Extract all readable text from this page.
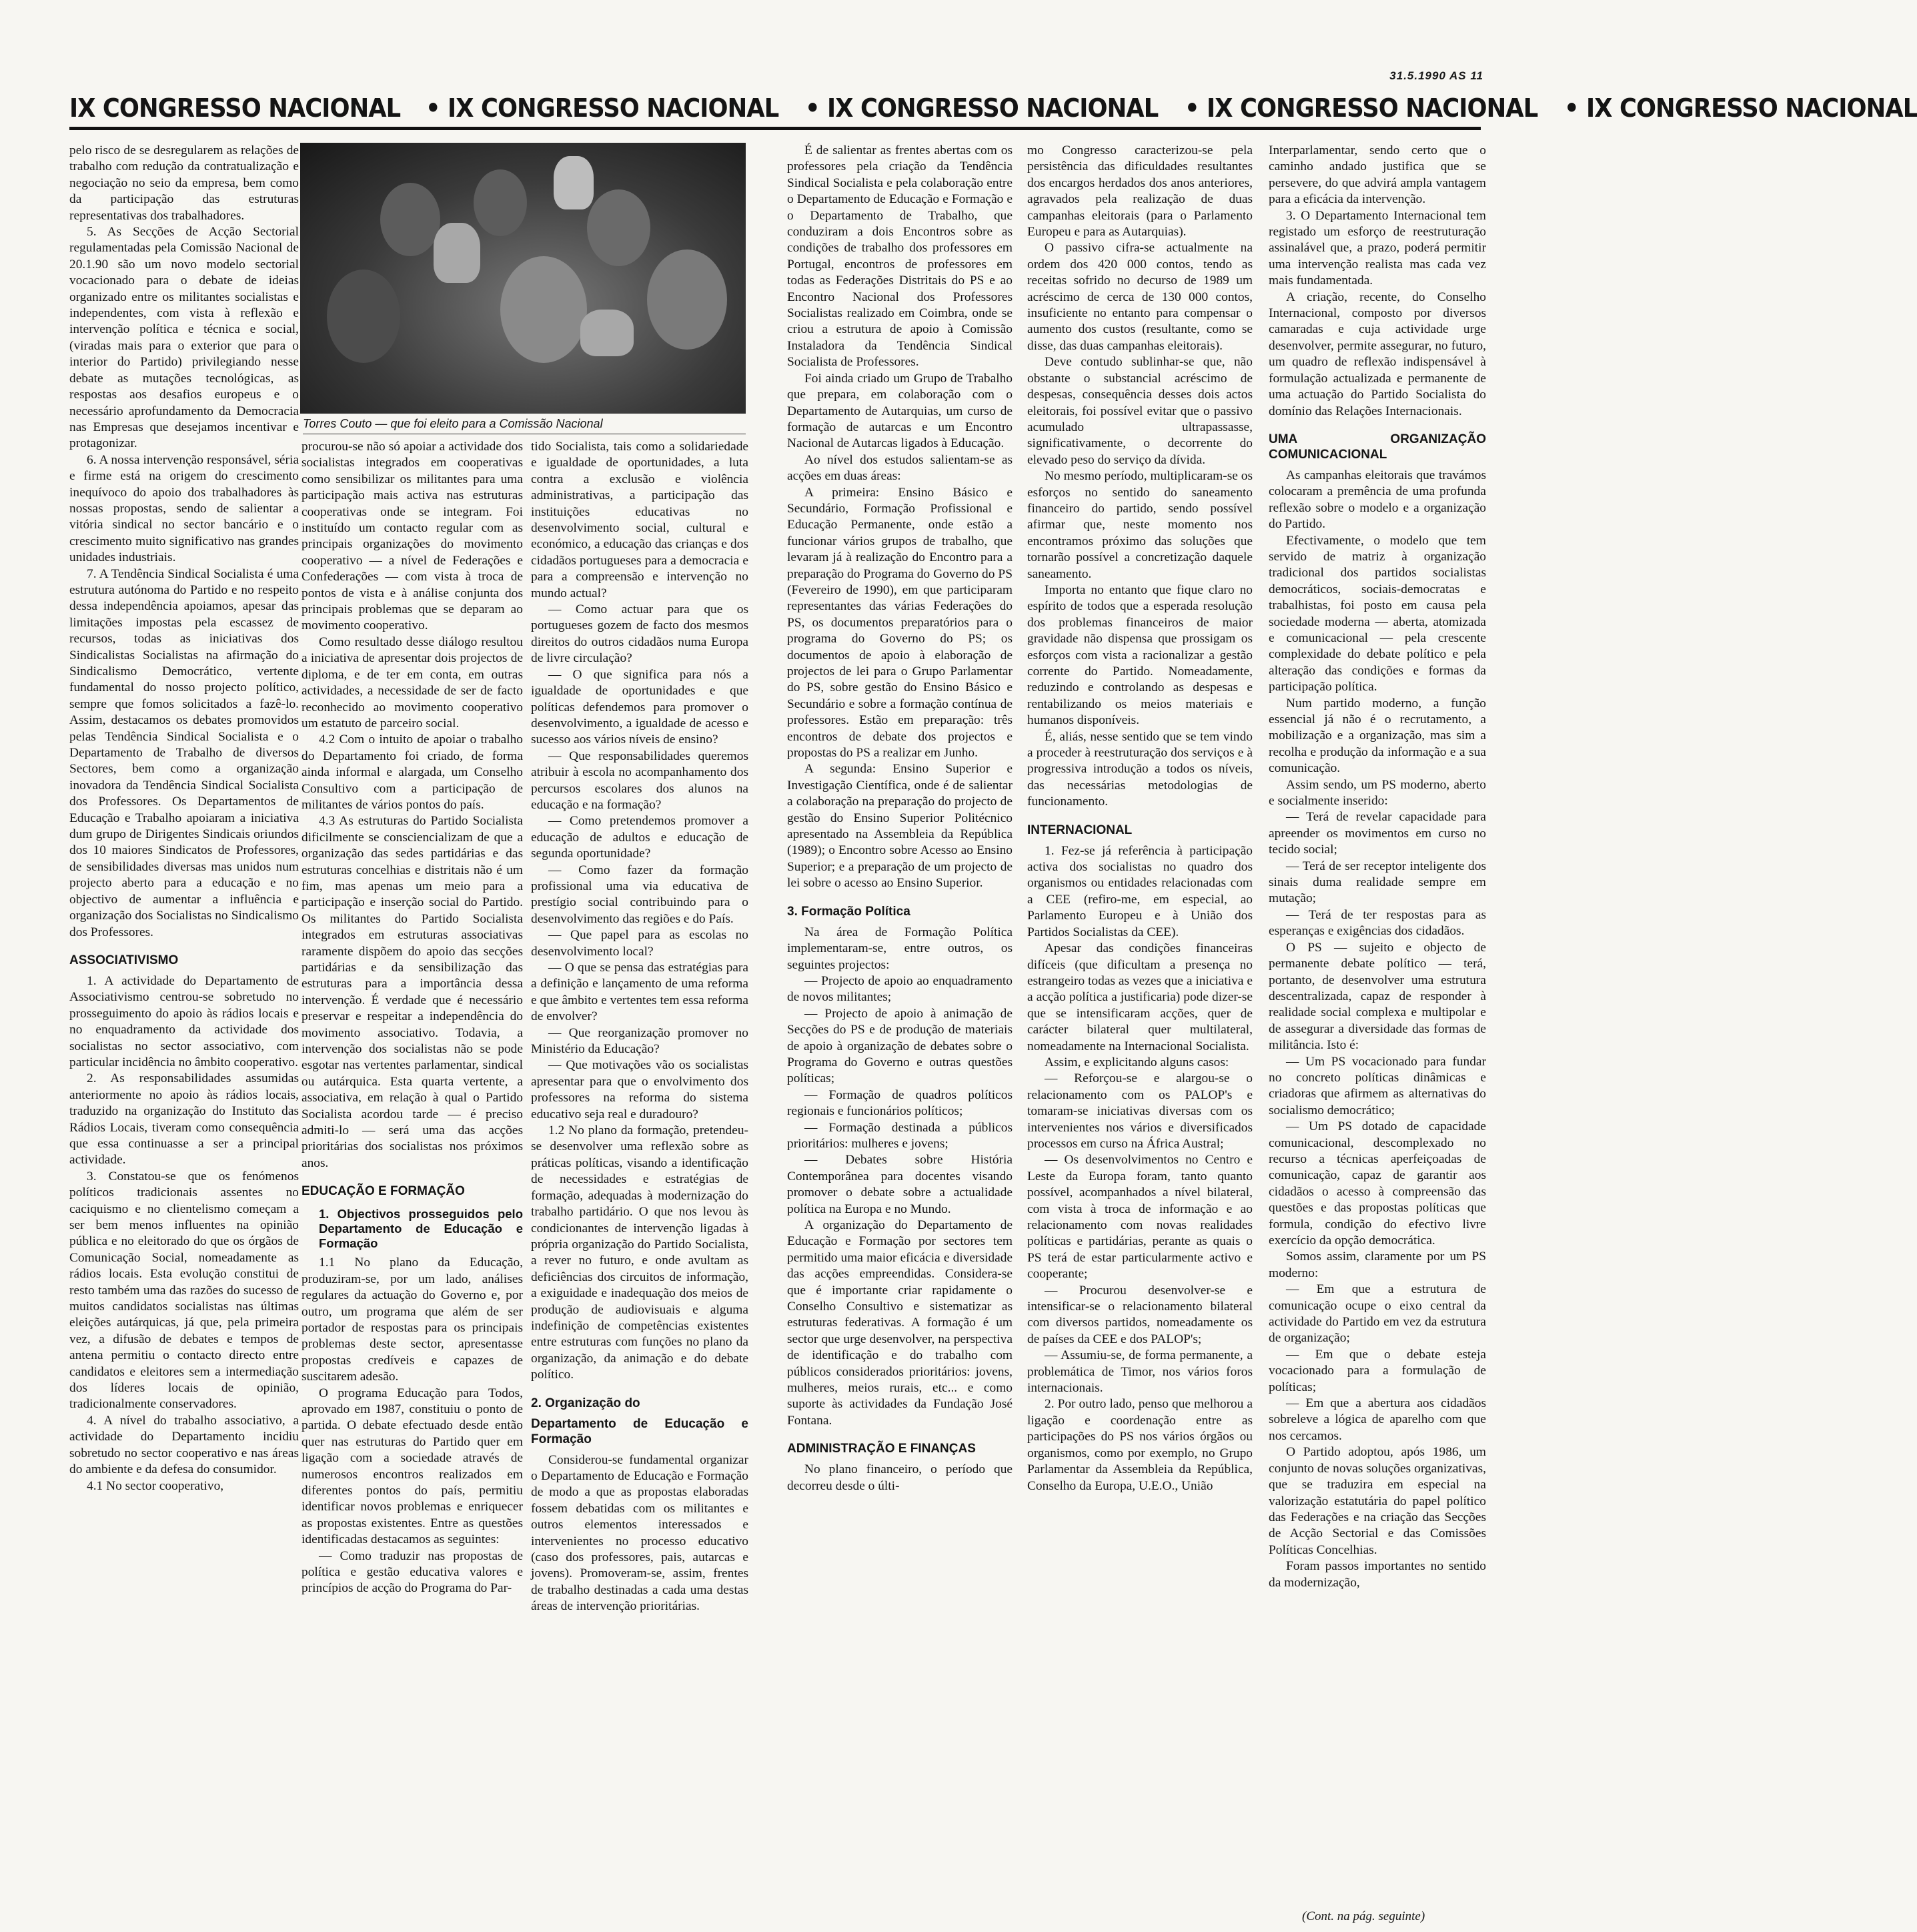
31.5.1990 AS 11
IX CONGRESSO NACIONAL • IX CONGRESSO NACIONAL • IX CONGRESSO NACIONAL • IX CONGRESSO NACIONAL • IX CONGRESSO NACIONAL

pelo risco de se desregularem as relações de trabalho com redução da contratualização e negociação no seio da empresa, bem como da participação das estruturas representativas dos trabalhadores.

5. As Secções de Acção Sectorial regulamentadas pela Comissão Nacional de 20.1.90 são um novo modelo sectorial vocacionado para o debate de ideias organizado entre os militantes socialistas e independentes, com vista à reflexão e intervenção política e técnica e social, (viradas mais para o exterior que para o interior do Partido) privilegiando nesse debate as mutações tecnológicas, as respostas aos desafios europeus e o necessário aprofundamento da Democracia nas Empresas que desejamos incentivar e protagonizar.

6. A nossa intervenção responsável, séria e firme está na origem do crescimento inequívoco do apoio dos trabalhadores às nossas propostas, sendo de salientar a vitória sindical no sector bancário e o crescimento muito significativo nas grandes unidades industriais.

7. A Tendência Sindical Socialista é uma estrutura autónoma do Partido e no respeito dessa independência apoiamos, apesar das limitações impostas pela escassez de recursos, todas as iniciativas dos Sindicalistas Socialistas na afirmação do Sindicalismo Democrático, vertente fundamental do nosso projecto político, sempre que fomos solicitados a fazê-lo. Assim, destacamos os debates promovidos pelas Tendência Sindical Socialista e o Departamento de Trabalho de diversos Sectores, bem como a organização inovadora da Tendência Sindical Socialista dos Professores. Os Departamentos de Educação e Trabalho apoiaram a iniciativa dum grupo de Dirigentes Sindicais oriundos dos 10 maiores Sindicatos de Professores, de sensibilidades diversas mas unidos num projecto aberto para a educação e no objectivo de aumentar a influência e organização dos Socialistas no Sindicalismo dos Professores.

ASSOCIATIVISMO

1. A actividade do Departamento de Associativismo centrou-se sobretudo no prosseguimento do apoio às rádios locais e no enquadramento da actividade dos socialistas no sector associativo, com particular incidência no âmbito cooperativo.

2. As responsabilidades assumidas anteriormente no apoio às rádios locais, traduzido na organização do Instituto das Rádios Locais, tiveram como consequência que essa continuasse a ser a principal actividade.

3. Constatou-se que os fenómenos políticos tradicionais assentes no caciquismo e no clientelismo começam a ser bem menos influentes na opinião pública e no eleitorado do que os órgãos de Comunicação Social, nomeadamente as rádios locais. Esta evolução constitui de resto também uma das razões do sucesso de muitos candidatos socialistas nas últimas eleições autárquicas, já que, pela primeira vez, a difusão de debates e tempos de antena permitiu o contacto directo entre candidatos e eleitores sem a intermediação dos líderes locais de opinião, tradicionalmente conservadores.

4. A nível do trabalho associativo, a actividade do Departamento incidiu sobretudo no sector cooperativo e nas áreas do ambiente e da defesa do consumidor.

4.1 No sector cooperativo,

Torres Couto — que foi eleito para a Comissão Nacional

procurou-se não só apoiar a actividade dos socialistas integrados em cooperativas como sensibilizar os militantes para uma participação mais activa nas estruturas cooperativas onde se integram. Foi instituído um contacto regular com as principais organizações do movimento cooperativo — a nível de Federações e Confederações — com vista à troca de pontos de vista e à análise conjunta dos principais problemas que se deparam ao movimento cooperativo.

Como resultado desse diálogo resultou a iniciativa de apresentar dois projectos de diploma, e de ter em conta, em outras actividades, a necessidade de ser de facto reconhecido ao movimento cooperativo um estatuto de parceiro social.

4.2 Com o intuito de apoiar o trabalho do Departamento foi criado, de forma ainda informal e alargada, um Conselho Consultivo com a participação de militantes de vários pontos do país.

4.3 As estruturas do Partido Socialista dificilmente se consciencializam de que a organização das sedes partidárias e das estruturas concelhias e distritais não é um fim, mas apenas um meio para a participação e inserção social do Partido. Os militantes do Partido Socialista integrados em estruturas associativas raramente dispõem do apoio das secções partidárias e da sensibilização das estruturas para a importância dessa intervenção. É verdade que é necessário preservar e respeitar a independência do movimento associativo. Todavia, a intervenção dos socialistas não se pode esgotar nas vertentes parlamentar, sindical ou autárquica. Esta quarta vertente, a associativa, em relação à qual o Partido Socialista acordou tarde — é preciso admiti-lo — será uma das acções prioritárias dos socialistas nos próximos anos.

EDUCAÇÃO E FORMAÇÃO
1. Objectivos prosseguidos pelo Departamento de Educação e Formação

1.1 No plano da Educação, produziram-se, por um lado, análises regulares da actuação do Governo e, por outro, um programa que além de ser portador de respostas para os principais problemas deste sector, apresentasse propostas credíveis e capazes de suscitarem adesão.

O programa Educação para Todos, aprovado em 1987, constituiu o ponto de partida. O debate efectuado desde então quer nas estruturas do Partido quer em ligação com a sociedade através de numerosos encontros realizados em diferentes pontos do país, permitiu identificar novos problemas e enriquecer as propostas existentes. Entre as questões identificadas destacamos as seguintes:

— Como traduzir nas propostas de política e gestão educativa valores e princípios de acção do Programa do Par-

tido Socialista, tais como a solidariedade e igualdade de oportunidades, a luta contra a exclusão e violência administrativas, a participação das instituições educativas no desenvolvimento social, cultural e económico, a educação das crianças e dos cidadãos portugueses para a democracia e para a compreensão e intervenção no mundo actual?

— Como actuar para que os portugueses gozem de facto dos mesmos direitos do outros cidadãos numa Europa de livre circulação?

— O que significa para nós a igualdade de oportunidades e que políticas defendemos para promover o desenvolvimento, a igualdade de acesso e sucesso aos vários níveis de ensino?

— Que responsabilidades queremos atribuir à escola no acompanhamento dos percursos escolares dos alunos na educação e na formação?

— Como pretendemos promover a educação de adultos e educação de segunda oportunidade?

— Como fazer da formação profissional uma via educativa de prestígio social contribuindo para o desenvolvimento das regiões e do País.

— Que papel para as escolas no desenvolvimento local?

— O que se pensa das estratégias para a definição e lançamento de uma reforma e que âmbito e vertentes tem essa reforma de envolver?

— Que reorganização promover no Ministério da Educação?

— Que motivações vão os socialistas apresentar para que o envolvimento dos professores na reforma do sistema educativo seja real e duradouro?

1.2 No plano da formação, pretendeu-se desenvolver uma reflexão sobre as práticas políticas, visando a identificação de necessidades e estratégias de formação, adequadas à modernização do trabalho partidário. O que nos levou às condicionantes de intervenção ligadas à própria organização do Partido Socialista, a rever no futuro, e onde avultam as deficiências dos circuitos de informação, a exiguidade e inadequação dos meios de produção de audiovisuais e alguma indefinição de competências existentes entre estruturas com funções no plano da organização, da animação e do debate político.

2. Organização do
Departamento de Educação e Formação

Considerou-se fundamental organizar o Departamento de Educação e Formação de modo a que as propostas elaboradas fossem debatidas com os militantes e outros elementos interessados e intervenientes no processo educativo (caso dos professores, pais, autarcas e jovens). Promoveram-se, assim, frentes de trabalho destinadas a cada uma destas áreas de intervenção prioritárias.

É de salientar as frentes abertas com os professores pela criação da Tendência Sindical Socialista e pela colaboração entre o Departamento de Educação e Formação e o Departamento de Trabalho, que conduziram a dois Encontros sobre as condições de trabalho dos professores em Portugal, encontros de professores em todas as Federações Distritais do PS e ao Encontro Nacional dos Professores Socialistas realizado em Coimbra, onde se criou a estrutura de apoio à Comissão Instaladora da Tendência Sindical Socialista de Professores.

Foi ainda criado um Grupo de Trabalho que prepara, em colaboração com o Departamento de Autarquias, um curso de formação de autarcas e um Encontro Nacional de Autarcas ligados à Educação.

Ao nível dos estudos salientam-se as acções em duas áreas:

A primeira: Ensino Básico e Secundário, Formação Profissional e Educação Permanente, onde estão a funcionar vários grupos de trabalho, que levaram já à realização do Encontro para a preparação do Programa do Governo do PS (Fevereiro de 1990), em que participaram representantes das várias Federações do PS, os documentos preparatórios para o programa do Governo do PS; os documentos de apoio à elaboração de projectos de lei para o Grupo Parlamentar do PS, sobre gestão do Ensino Básico e Secundário e sobre a formação contínua de professores. Estão em preparação: três encontros de debate dos projectos e propostas do PS a realizar em Junho.

A segunda: Ensino Superior e Investigação Científica, onde é de salientar a colaboração na preparação do projecto de gestão do Ensino Superior Politécnico apresentado na Assembleia da República (1989); o Encontro sobre Acesso ao Ensino Superior; e a preparação de um projecto de lei sobre o acesso ao Ensino Superior.

3. Formação Política

Na área de Formação Política implementaram-se, entre outros, os seguintes projectos:

— Projecto de apoio ao enquadramento de novos militantes;

— Projecto de apoio à animação de Secções do PS e de produção de materiais de apoio à organização de debates sobre o Programa do Governo e outras questões políticas;

— Formação de quadros políticos regionais e funcionários políticos;

— Formação destinada a públicos prioritários: mulheres e jovens;

— Debates sobre História Contemporânea para docentes visando promover o debate sobre a actualidade política na Europa e no Mundo.

A organização do Departamento de Educação e Formação por sectores tem permitido uma maior eficácia e diversidade das acções empreendidas. Considera-se que é importante criar rapidamente o Conselho Consultivo e sistematizar as estruturas federativas. A formação é um sector que urge desenvolver, na perspectiva de identificação e do trabalho com públicos considerados prioritários: jovens, mulheres, meios rurais, etc... e como suporte às actividades da Fundação José Fontana.

ADMINISTRAÇÃO E FINANÇAS

No plano financeiro, o período que decorreu desde o últi-

mo Congresso caracterizou-se pela persistência das dificuldades resultantes dos encargos herdados dos anos anteriores, agravados pela realização de duas campanhas eleitorais (para o Parlamento Europeu e para as Autarquias).

O passivo cifra-se actualmente na ordem dos 420 000 contos, tendo as receitas sofrido no decurso de 1989 um acréscimo de cerca de 130 000 contos, insuficiente no entanto para compensar o aumento dos custos (resultante, como se disse, das duas campanhas eleitorais).

Deve contudo sublinhar-se que, não obstante o substancial acréscimo de despesas, consequência desses dois actos eleitorais, foi possível evitar que o passivo acumulado ultrapassasse, significativamente, o decorrente do elevado peso do serviço da dívida.

No mesmo período, multiplicaram-se os esforços no sentido do saneamento financeiro do partido, sendo possível afirmar que, neste momento nos encontramos próximo das soluções que tornarão possível a concretização daquele saneamento.

Importa no entanto que fique claro no espírito de todos que a esperada resolução dos problemas financeiros de maior gravidade não dispensa que prossigam os esforços com vista a racionalizar a gestão corrente do Partido. Nomeadamente, reduzindo e controlando as despesas e rentabilizando os meios materiais e humanos disponíveis.

É, aliás, nesse sentido que se tem vindo a proceder à reestruturação dos serviços e à progressiva introdução a todos os níveis, das necessárias metodologias de funcionamento.

INTERNACIONAL

1. Fez-se já referência à participação activa dos socialistas no quadro dos organismos ou entidades relacionadas com a CEE (refiro-me, em especial, ao Parlamento Europeu e à União dos Partidos Socialistas da CEE).

Apesar das condições financeiras difíceis (que dificultam a presença no estrangeiro todas as vezes que a iniciativa e a acção política a justificaria) pode dizer-se que se intensificaram acções, quer de carácter bilateral quer multilateral, nomeadamente na Internacional Socialista.

Assim, e explicitando alguns casos:

— Reforçou-se e alargou-se o relacionamento com os PALOP's e tomaram-se iniciativas diversas com os intervenientes nos vários e diversificados processos em curso na África Austral;

— Os desenvolvimentos no Centro e Leste da Europa foram, tanto quanto possível, acompanhados a nível bilateral, com vista à troca de informação e ao relacionamento com novas realidades políticas e partidárias, perante as quais o PS terá de estar particularmente activo e cooperante;

— Procurou desenvolver-se e intensificar-se o relacionamento bilateral com diversos partidos, nomeadamente os de países da CEE e dos PALOP's;

— Assumiu-se, de forma permanente, a problemática de Timor, nos vários foros internacionais.

2. Por outro lado, penso que melhorou a ligação e coordenação entre as participações do PS nos vários órgãos ou organismos, como por exemplo, no Grupo Parlamentar da Assembleia da República, Conselho da Europa, U.E.O., União

Interparlamentar, sendo certo que o caminho andado justifica que se persevere, do que advirá ampla vantagem para a eficácia da intervenção.

3. O Departamento Internacional tem registado um esforço de reestruturação assinalável que, a prazo, poderá permitir uma intervenção realista mas cada vez mais fundamentada.

A criação, recente, do Conselho Internacional, composto por diversos camaradas e cuja actividade urge desenvolver, permite assegurar, no futuro, um quadro de reflexão indispensável à formulação actualizada e permanente de uma actuação do Partido Socialista do domínio das Relações Internacionais.

UMA ORGANIZAÇÃO COMUNICACIONAL

As campanhas eleitorais que travámos colocaram a premência de uma profunda reflexão sobre o modelo e a organização do Partido.

Efectivamente, o modelo que tem servido de matriz à organização tradicional dos partidos socialistas democráticos, sociais-democratas e trabalhistas, foi posto em causa pela sociedade moderna — aberta, atomizada e comunicacional — pela crescente complexidade do debate político e pela alteração das condições e formas da participação política.

Num partido moderno, a função essencial já não é o recrutamento, a mobilização e a organização, mas sim a recolha e produção da informação e a sua comunicação.

Assim sendo, um PS moderno, aberto e socialmente inserido:

— Terá de revelar capacidade para apreender os movimentos em curso no tecido social;

— Terá de ser receptor inteligente dos sinais duma realidade sempre em mutação;

— Terá de ter respostas para as esperanças e exigências dos cidadãos.

O PS — sujeito e objecto de permanente debate político — terá, portanto, de desenvolver uma estrutura descentralizada, capaz de responder à realidade social complexa e multipolar e de assegurar a diversidade das formas de militância. Isto é:

— Um PS vocacionado para fundar no concreto políticas dinâmicas e criadoras que afirmem as alternativas do socialismo democrático;

— Um PS dotado de capacidade comunicacional, descomplexado no recurso a técnicas aperfeiçoadas de comunicação, capaz de garantir aos cidadãos o acesso à compreensão das questões e das propostas políticas que formula, condição do efectivo livre exercício da opção democrática.

Somos assim, claramente por um PS moderno:

— Em que a estrutura de comunicação ocupe o eixo central da actividade do Partido em vez da estrutura de organização;

— Em que o debate esteja vocacionado para a formulação de políticas;

— Em que a abertura aos cidadãos sobreleve a lógica de aparelho com que nos cercamos.

O Partido adoptou, após 1986, um conjunto de novas soluções organizativas, que se traduzira em especial na valorização estatutária do papel político das Federações e na criação das Secções de Acção Sectorial e das Comissões Políticas Concelhias.

Foram passos importantes no sentido da modernização,

(Cont. na pág. seguinte)
